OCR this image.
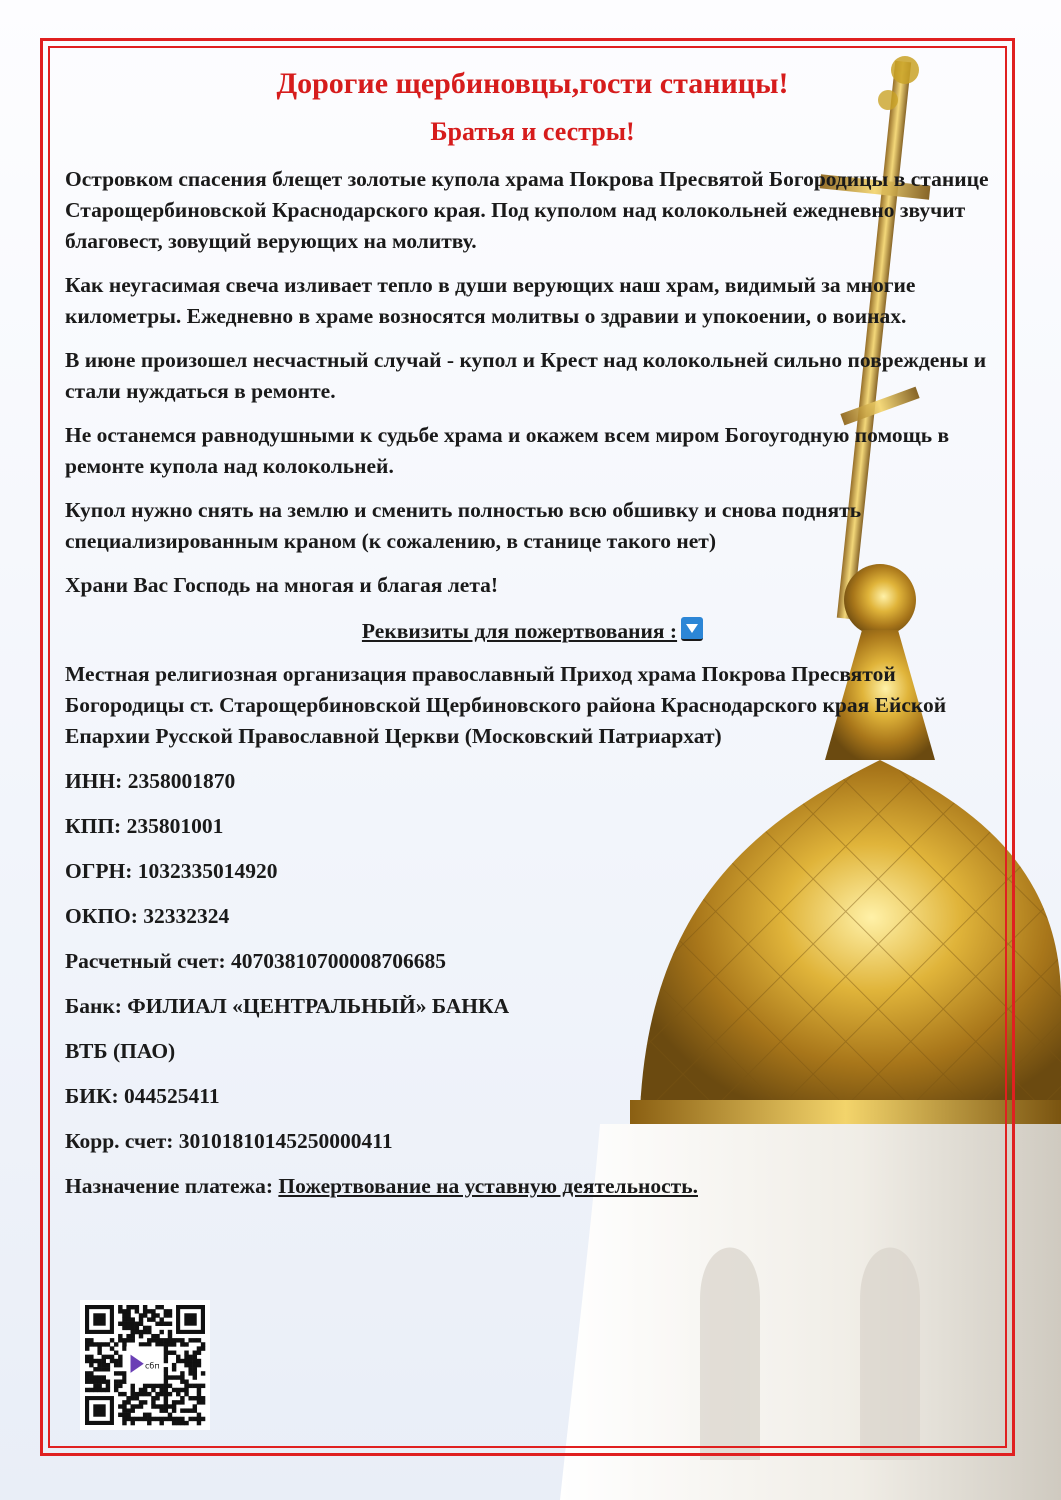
Дорогие щербиновцы,гости станицы!
Братья и сестры!

Островком спасения блещет золотые купола храма Покрова Пресвятой Богородицы в станице Старощербиновской Краснодарского края. Под куполом над колокольней ежедневно звучит благовест, зовущий верующих на молитву.

Как неугасимая свеча изливает тепло в души верующих наш храм, видимый за многие километры. Ежедневно в храме возносятся молитвы о здравии и упокоении, о воинах.

В июне произошел несчастный случай - купол и Крест над колокольней сильно повреждены и стали нуждаться в ремонте.

Не останемся равнодушными к судьбе храма и окажем всем миром Богоугодную помощь в ремонте купола над колокольней.

Купол нужно снять на землю и сменить полностью всю обшивку и снова поднять специализированным краном (к сожалению, в станице такого нет)

Храни Вас Господь на многая и благая лета!

Реквизиты для пожертвования :

Местная религиозная организация православный Приход храма Покрова Пресвятой Богородицы ст. Старощербиновской Щербиновского района Краснодарского края Ейской Епархии Русской Православной Церкви (Московский Патриархат)

ИНН: 2358001870

КПП: 235801001

ОГРН: 1032335014920

ОКПО: 32332324

Расчетный счет: 40703810700008706685

Банк: ФИЛИАЛ «ЦЕНТРАЛЬНЫЙ» БАНКА

ВТБ (ПАО)

БИК: 044525411

Корр. счет: 30101810145250000411

Назначение платежа: Пожертвование на уставную деятельность.

сбп
